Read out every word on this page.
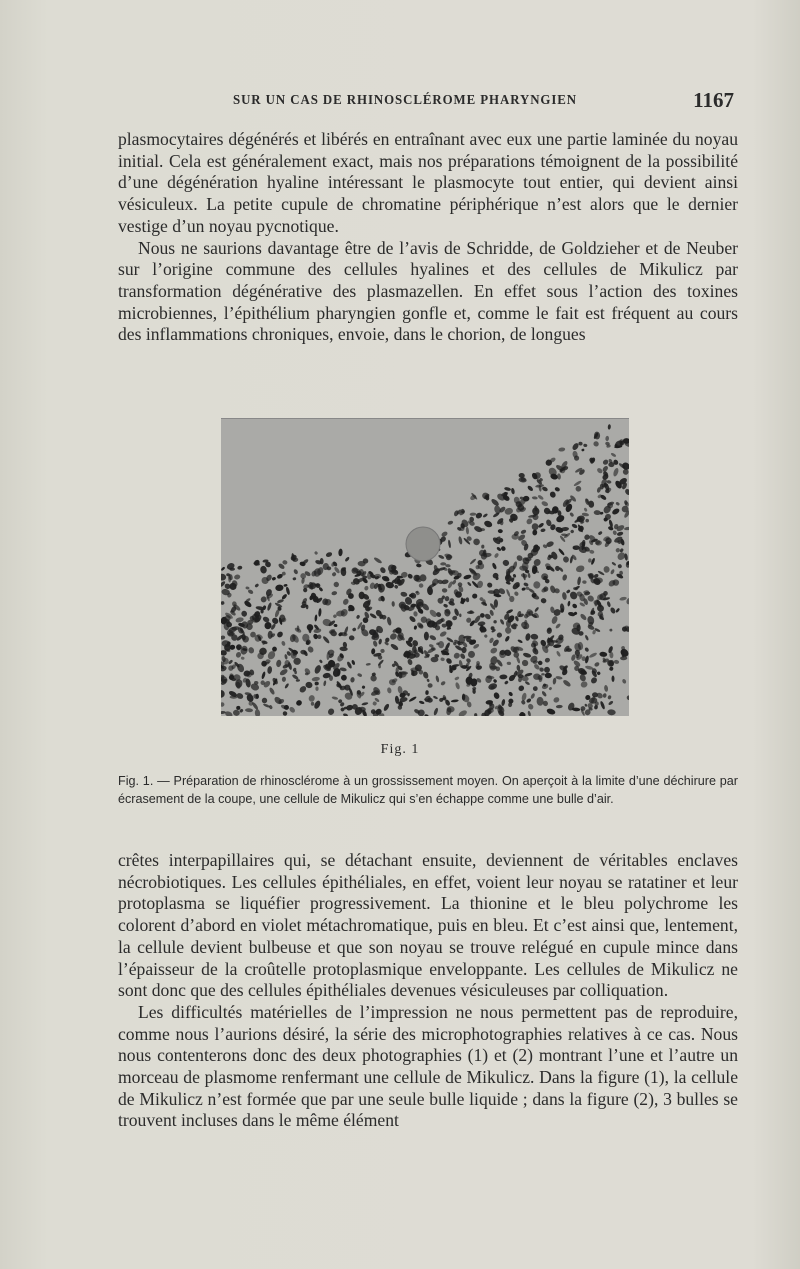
SUR UN CAS DE RHINOSCLÉROME PHARYNGIEN	1167

plasmocytaires dégénérés et libérés en entraînant avec eux une partie laminée du noyau initial. Cela est généralement exact, mais nos préparations témoignent de la possibilité d’une dégénération hyaline intéressant le plasmocyte tout entier, qui devient ainsi vésiculeux. La petite cupule de chromatine périphérique n’est alors que le dernier vestige d’un noyau pycnotique.

Nous ne saurions davantage être de l’avis de Schridde, de Goldzieher et de Neuber sur l’origine commune des cellules hyalines et des cellules de Mikulicz par transformation dégénérative des plasmazellen. En effet sous l’action des toxines microbiennes, l’épithélium pharyngien gonfle et, comme le fait est fréquent au cours des inflammations chroniques, envoie, dans le chorion, de longues

Fig. 1
Fig. 1. — Préparation de rhinosclérome à un grossissement moyen. On aperçoit à la limite d’une déchirure par écrasement de la coupe, une cellule de Mikulicz qui s’en échappe comme une bulle d’air.

crêtes interpapillaires qui, se détachant ensuite, deviennent de véritables enclaves nécrobiotiques. Les cellules épithéliales, en effet, voient leur noyau se ratatiner et leur protoplasma se liquéfier progressivement. La thionine et le bleu polychrome les colorent d’abord en violet métachromatique, puis en bleu. Et c’est ainsi que, lentement, la cellule devient bulbeuse et que son noyau se trouve relégué en cupule mince dans l’épaisseur de la croûtelle protoplasmique enveloppante. Les cellules de Mikulicz ne sont donc que des cellules épithéliales devenues vésiculeuses par colliquation.

Les difficultés matérielles de l’impression ne nous permettent pas de reproduire, comme nous l’aurions désiré, la série des microphotographies relatives à ce cas. Nous nous contenterons donc des deux photographies (1) et (2) montrant l’une et l’autre un morceau de plasmome renfermant une cellule de Mikulicz. Dans la figure (1), la cellule de Mikulicz n’est formée que par une seule bulle liquide ; dans la figure (2), 3 bulles se trouvent incluses dans le même élément
